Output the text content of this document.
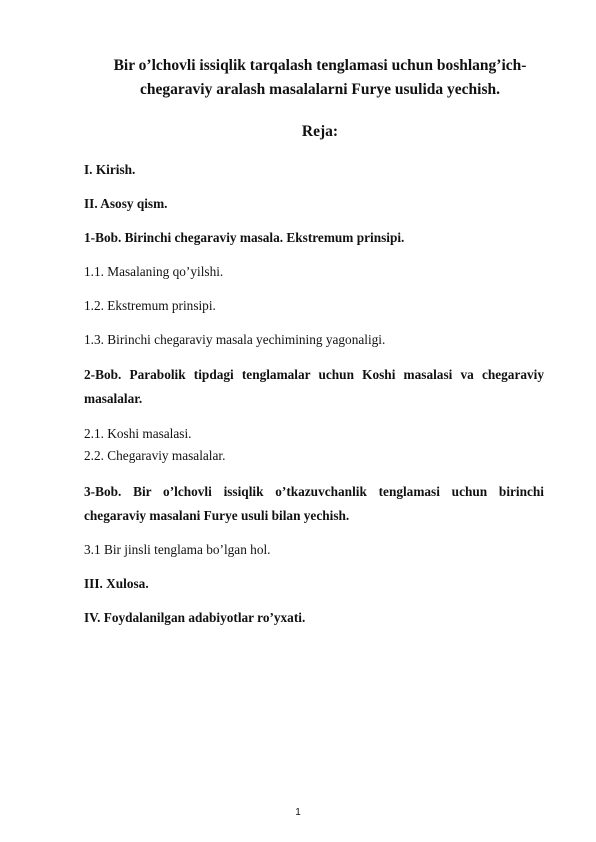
Bir o’lchovli issiqlik tarqalash tenglamasi uchun boshlang’ich-
chegaraviy aralash masalalarni Furye usulida yechish.
Reja:
I. Kirish.
II. Asosy qism.
1-Bob. Birinchi chegaraviy masala. Ekstremum prinsipi.
1.1. Masalaning qo’yilshi.
1.2. Ekstremum prinsipi.
1.3. Birinchi chegaraviy masala yechimining yagonaligi.
2-Bob. Parabolik tipdagi tenglamalar uchun Koshi masalasi va chegaraviy
masalalar.
2.1. Koshi masalasi.
2.2. Chegaraviy masalalar.
3-Bob. Bir o’lchovli issiqlik o’tkazuvchanlik tenglamasi uchun birinchi
chegaraviy masalani Furye usuli bilan yechish.
3.1 Bir jinsli tenglama bo’lgan hol.
III. Xulosa.
IV. Foydalanilgan adabiyotlar ro’yxati.
1
